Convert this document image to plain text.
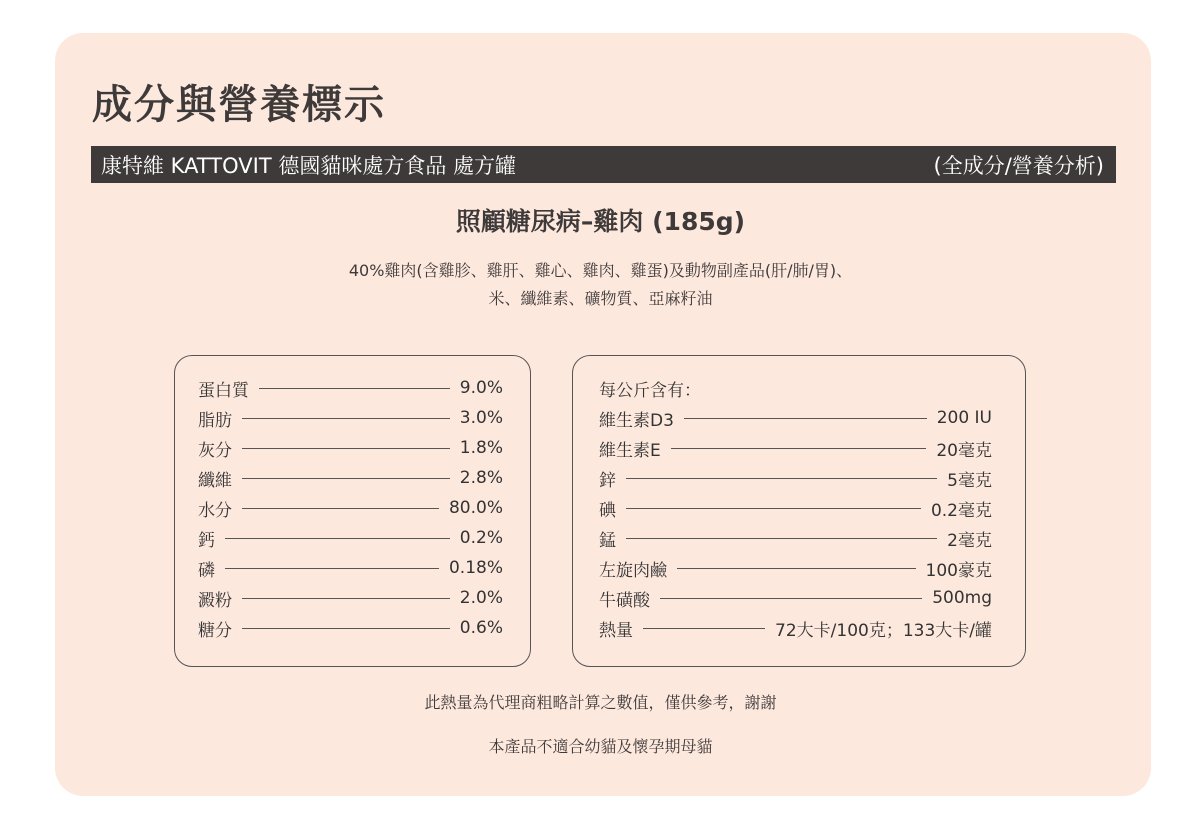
成分與營養標示
康特維 KATTOVIT 德國貓咪處方食品 處方罐	(全成分/營養分析)
照顧糖尿病–雞肉 (185g)
40%雞肉(含雞胗、雞肝、雞心、雞肉、雞蛋)及動物副產品(肝/肺/胃)、
米、纖維素、礦物質、亞麻籽油
蛋白質	9.0%
脂肪	3.0%
灰分	1.8%
纖維	2.8%
水分	80.0%
鈣	0.2%
磷	0.18%
澱粉	2.0%
糖分	0.6%
每公斤含有：
維生素D3	200 IU
維生素E	20毫克
鋅	5毫克
碘	0.2毫克
錳	2毫克
左旋肉鹼	100豪克
牛磺酸	500mg
熱量	72大卡/100克；133大卡/罐
此熱量為代理商粗略計算之數值，僅供參考，謝謝
本產品不適合幼貓及懷孕期母貓
